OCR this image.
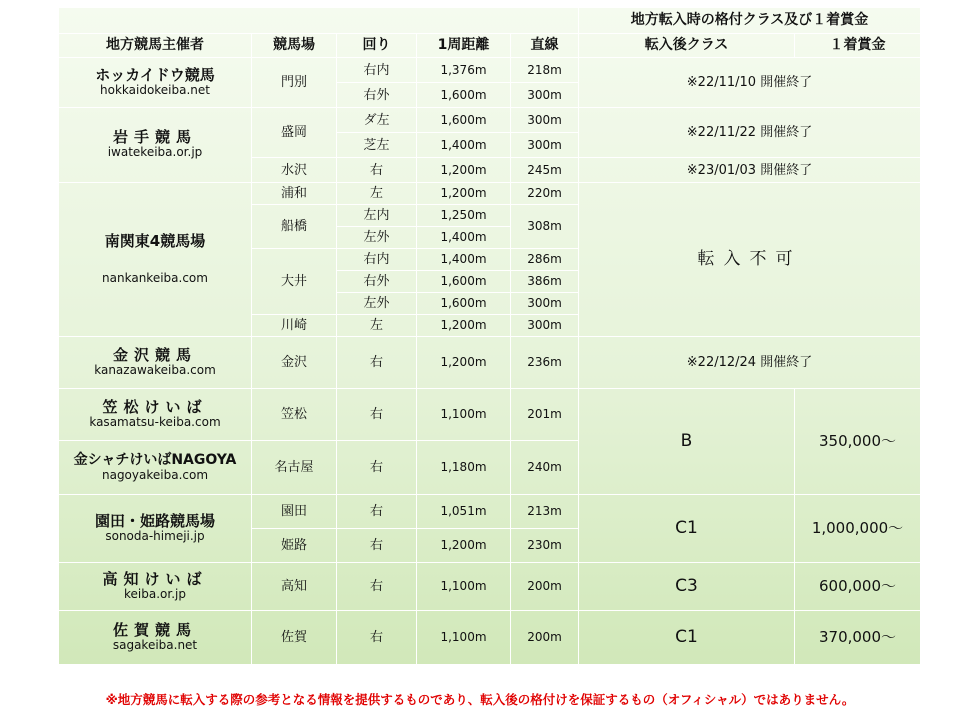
					地方転入時の格付クラス及び１着賞金	
地方競馬主催者	競馬場	回り	1周距離	直線	転入後クラス	１着賞金

ホッカイドウ競馬
hokkaidokeiba.net	門別	右内	1,376m	218m	※22/11/10 開催終了	
		右外	1,600m	300m		

岩手競馬
iwatekeiba.or.jp	盛岡	ダ左	1,600m	300m	※22/11/22 開催終了	
		芝左	1,400m	300m		
	水沢	右	1,200m	245m	※23/01/03 開催終了	

南関東4競馬場
nankankeiba.com	浦和	左	1,200m	220m	転入不可	
	船橋	左内	1,250m	308m		
		左外	1,400m			
	大井	右内	1,400m	286m		
		右外	1,600m	386m		
		左外	1,600m	300m		
	川崎	左	1,200m	300m		

金沢競馬
kanazawakeiba.com	金沢	右	1,200m	236m	※22/12/24 開催終了	

笠松けいば
kasamatsu-keiba.com	笠松	右	1,100m	201m	B	350,000～

金シャチけいばNAGOYA
nagoyakeiba.com	名古屋	右	1,180m	240m		

園田・姫路競馬場
sonoda-himeji.jp	園田	右	1,051m	213m	C1	1,000,000～
	姫路	右	1,200m	230m		

高知けいば
keiba.or.jp	高知	右	1,100m	200m	C3	600,000～

佐賀競馬
sagakeiba.net	佐賀	右	1,100m	200m	C1	370,000～
※地方競馬に転入する際の参考となる情報を提供するものであり、転入後の格付けを保証するもの（オフィシャル）ではありません。
